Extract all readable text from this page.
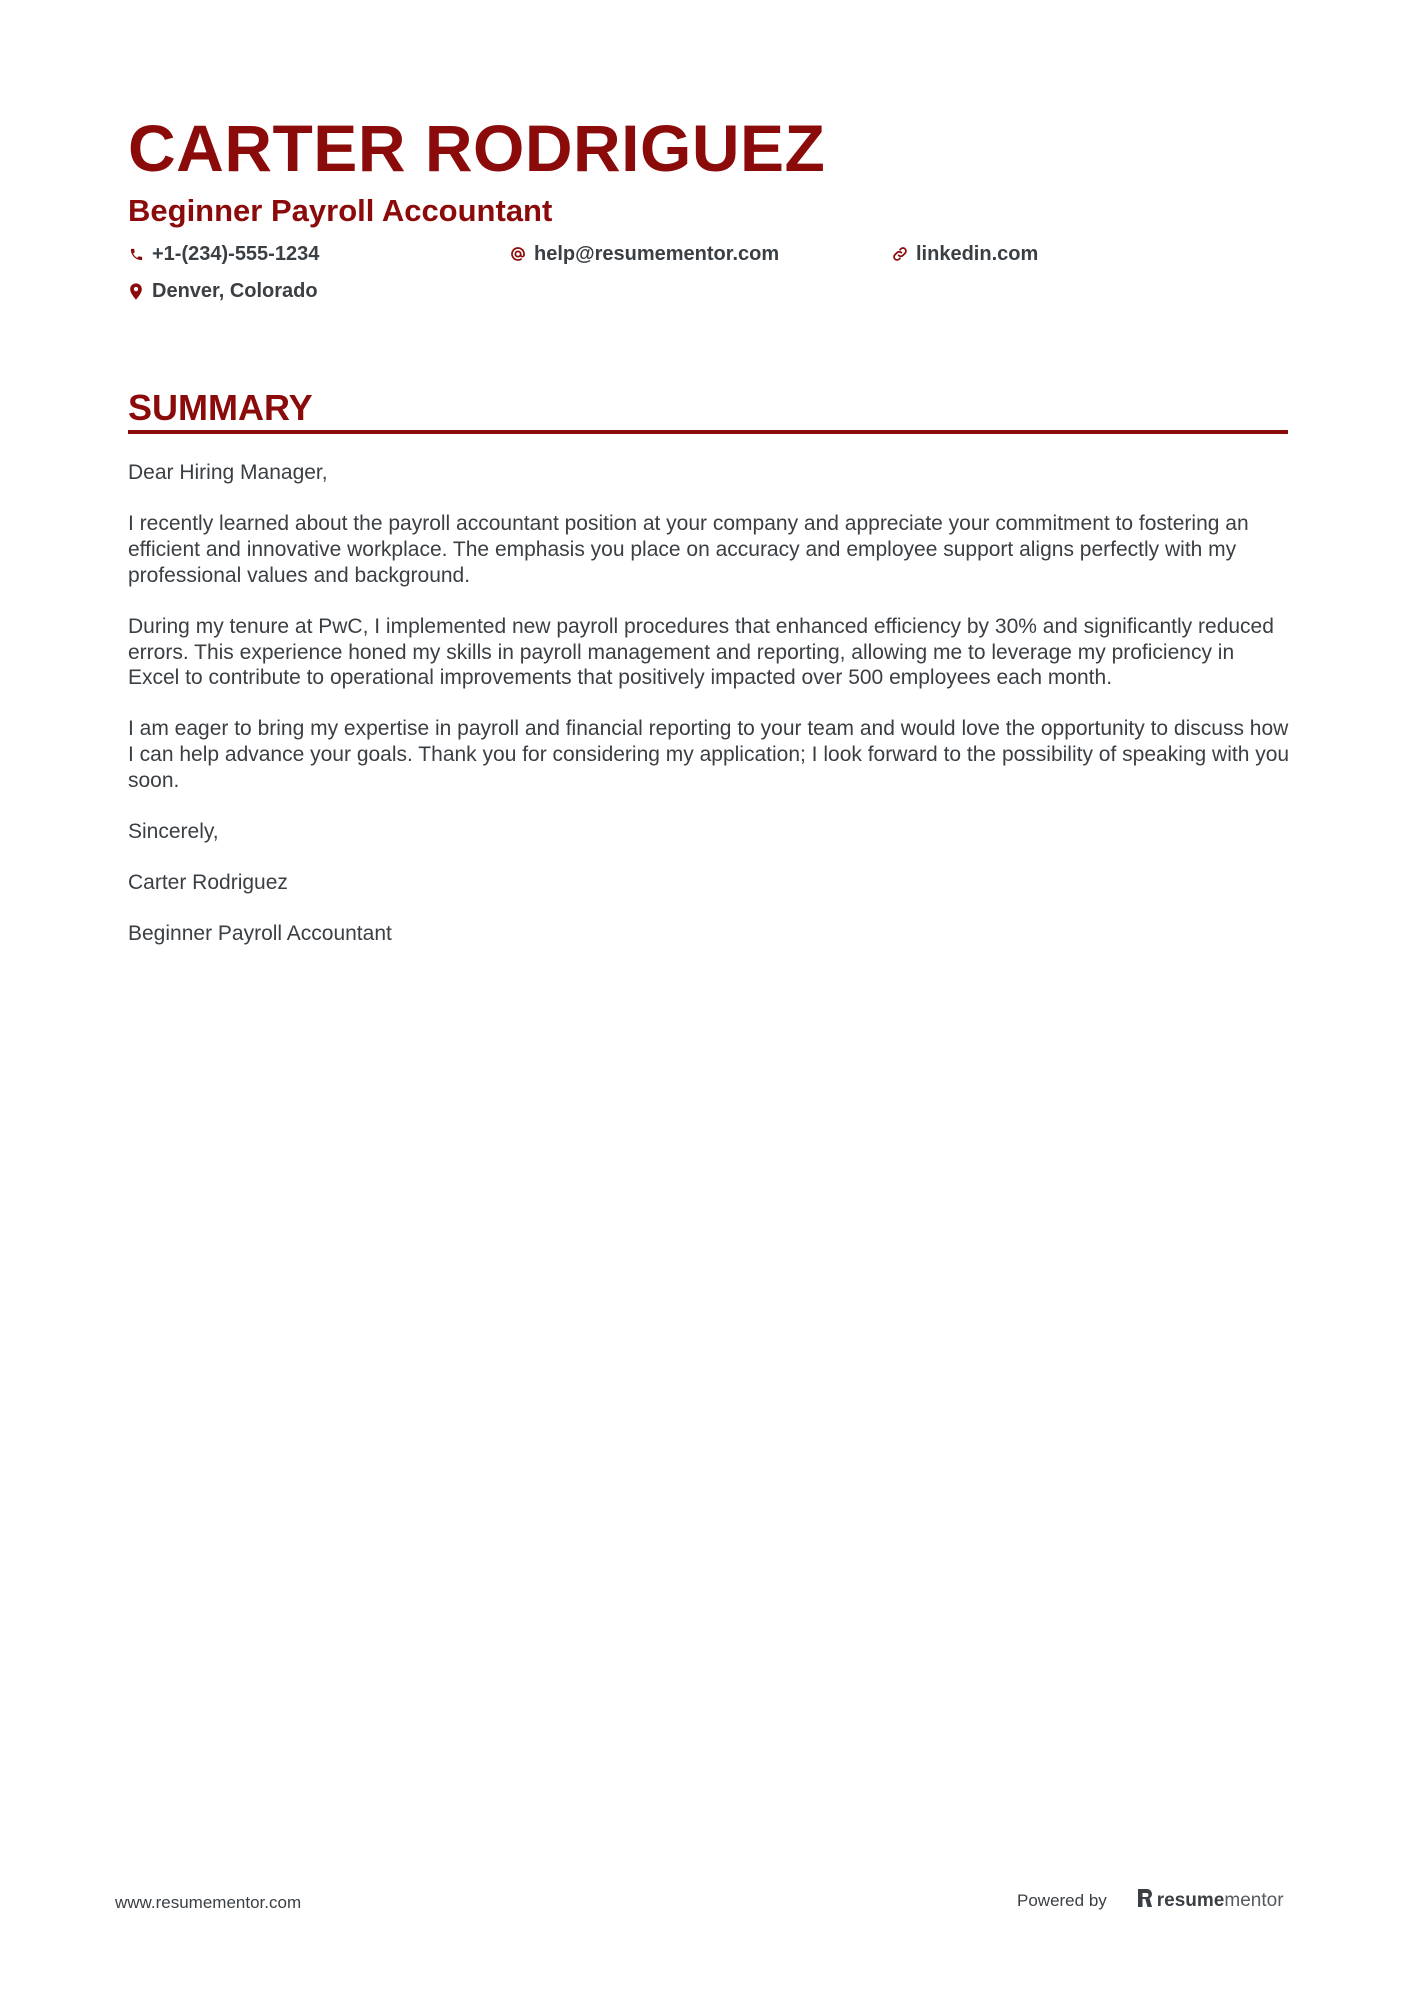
CARTER RODRIGUEZ
Beginner Payroll Accountant
+1-(234)-555-1234	help@resumementor.com	linkedin.com
Denver, Colorado
SUMMARY

Dear Hiring Manager,

I recently learned about the payroll accountant position at your company and appreciate your commitment to fostering an efficient and innovative workplace. The emphasis you place on accuracy and employee support aligns perfectly with my professional values and background.

During my tenure at PwC, I implemented new payroll procedures that enhanced efficiency by 30% and significantly reduced errors. This experience honed my skills in payroll management and reporting, allowing me to leverage my proficiency in Excel to contribute to operational improvements that positively impacted over 500 employees each month.

I am eager to bring my expertise in payroll and financial reporting to your team and would love the opportunity to discuss how I can help advance your goals. Thank you for considering my application; I look forward to the possibility of speaking with you soon.

Sincerely,

Carter Rodriguez

Beginner Payroll Accountant

www.resumementor.com	Powered by	resume mentor
